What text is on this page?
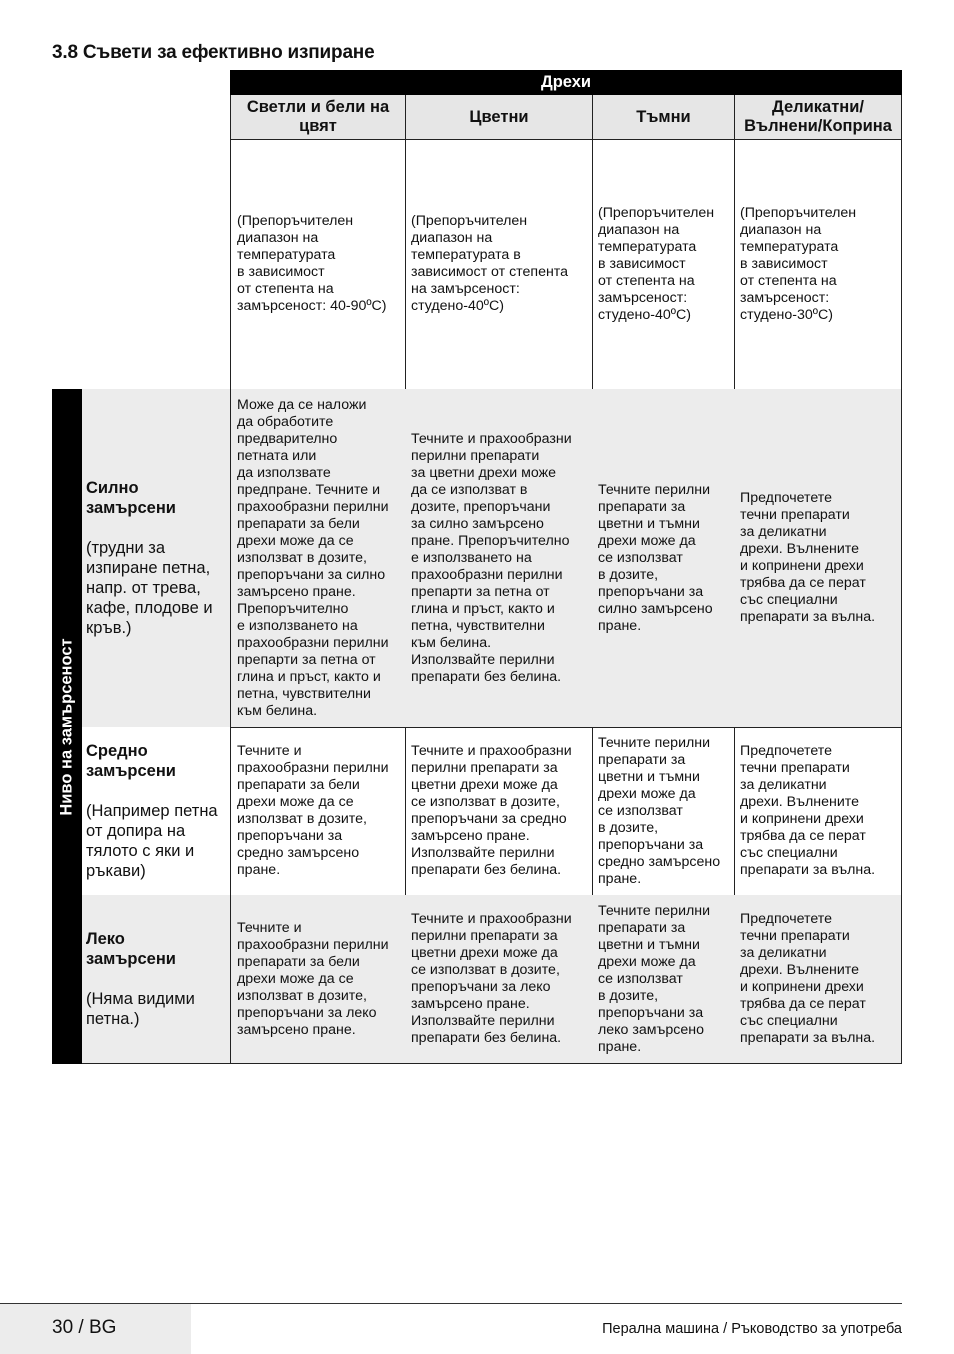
3.8 Съвети за ефективно изпиране
Дрехи
Светли и бели на
цвят
Цветни	Тъмни
Деликатни/
Вълнени/Коприна
(Препоръчителен
диапазон на
температурата
в зависимост
от степента на
замърсеност: 40-90ºC)
(Препоръчителен
диапазон на
температурата в
зависимост от степента
на замърсеност:
студено-40ºC)
(Препоръчителен
диапазон на
температурата
в зависимост
от степента на
замърсеност:
студено-40ºC)
(Препоръчителен
диапазон на
температурата
в зависимост
от степента на
замърсеност:
студено-30ºC)
Ниво на замърсеност
Силно
замърсени
(трудни за
изпиране петна,
напр. от трева,
кафе, плодове и
кръв.)
Може да се наложи
да обработите
предварително
петната или
да използвате
предпране. Течните и
прахообразни перилни
препарати за бели
дрехи може да се
използват в дозите,
препоръчани за силно
замърсено пране.
Препоръчително
е използването на
прахообразни перилни
препарти за петна от
глина и пръст, както и
петна, чувствителни
към белина.
Течните и прахообразни
перилни препарати
за цветни дрехи може
да се използват в
дозите, препоръчани
за силно замърсено
пране. Препоръчително
е използването на
прахообразни перилни
препарти за петна от
глина и пръст, както и
петна, чувствителни
към белина.
Използвайте перилни
препарати без белина.
Течните перилни
препарати за
цветни и тъмни
дрехи може да
се използват
в дозите,
препоръчани за
силно замърсено
пране.
Предпочетете
течни препарати
за деликатни
дрехи. Вълнените
и копринени дрехи
трябва да се перат
със специални
препарати за вълна.
Средно
замърсени
(Например петна
от допира на
тялото с яки и
ръкави)
Течните и
прахообразни перилни
препарати за бели
дрехи може да се
използват в дозите,
препоръчани за
средно замърсено
пране.
Течните и прахообразни
перилни препарати за
цветни дрехи може да
се използват в дозите,
препоръчани за средно
замърсено пране.
Използвайте перилни
препарати без белина.
Течните перилни
препарати за
цветни и тъмни
дрехи може да
се използват
в дозите,
препоръчани за
средно замърсено
пране.
Предпочетете
течни препарати
за деликатни
дрехи. Вълнените
и копринени дрехи
трябва да се перат
със специални
препарати за вълна.
Леко
замърсени
(Няма видими
петна.)
Течните и
прахообразни перилни
препарати за бели
дрехи може да се
използват в дозите,
препоръчани за леко
замърсено пране.
Течните и прахообразни
перилни препарати за
цветни дрехи може да
се използват в дозите,
препоръчани за леко
замърсено пране.
Използвайте перилни
препарати без белина.
Течните перилни
препарати за
цветни и тъмни
дрехи може да
се използват
в дозите,
препоръчани за
леко замърсено
пране.
Предпочетете
течни препарати
за деликатни
дрехи. Вълнените
и копринени дрехи
трябва да се перат
със специални
препарати за вълна.
30 / BG	Перална машина / Ръководство за употреба
